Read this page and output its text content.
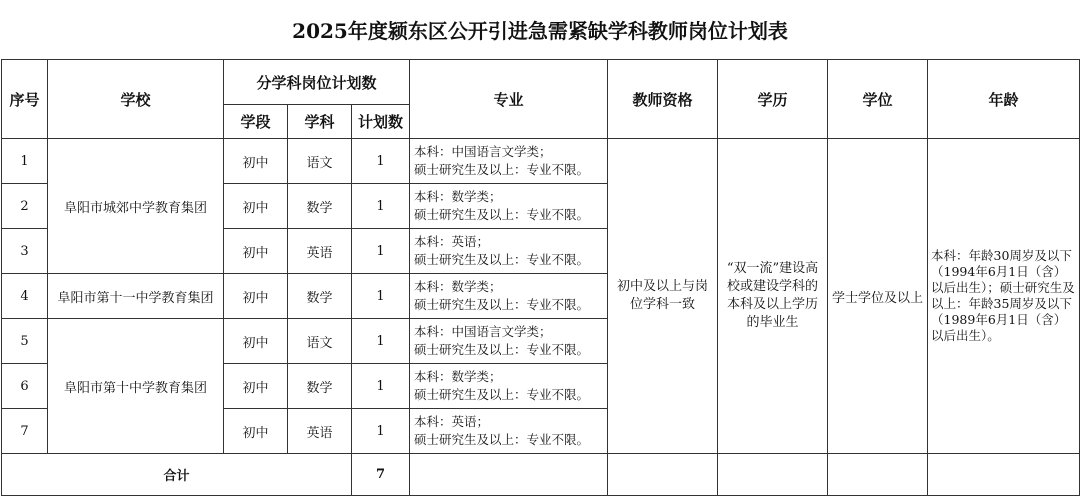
2025年度颍东区公开引进急需紧缺学科教师岗位计划表
序号	学校	分学科岗位计划数			专业	教师资格	学历	学位	年龄
		学段	学科	计划数					
1	阜阳市城郊中学教育集团	初中	语文	1	本科：中国语言文学类；
硕士研究生及以上：专业不限。	初中及以上与岗位学科一致	“双一流”建设高校或建设学科的本科及以上学历的毕业生	学士学位及以上	本科：年龄30周岁及以下（1994年6月1日（含）以后出生）；硕士研究生及以上：年龄35周岁及以下（1989年6月1日（含）以后出生）。
2		初中	数学	1	本科：数学类；
硕士研究生及以上：专业不限。				

3		初中	英语	1	本科：英语；
硕士研究生及以上：专业不限。				

4	阜阳市第十一中学教育集团	初中	数学	1	本科：数学类；
硕士研究生及以上：专业不限。				

5	阜阳市第十中学教育集团	初中	语文	1	本科：中国语言文学类；
硕士研究生及以上：专业不限。				

6		初中	数学	1	本科：数学类；
硕士研究生及以上：专业不限。				

7		初中	英语	1	本科：英语；
硕士研究生及以上：专业不限。				

合计				7					
